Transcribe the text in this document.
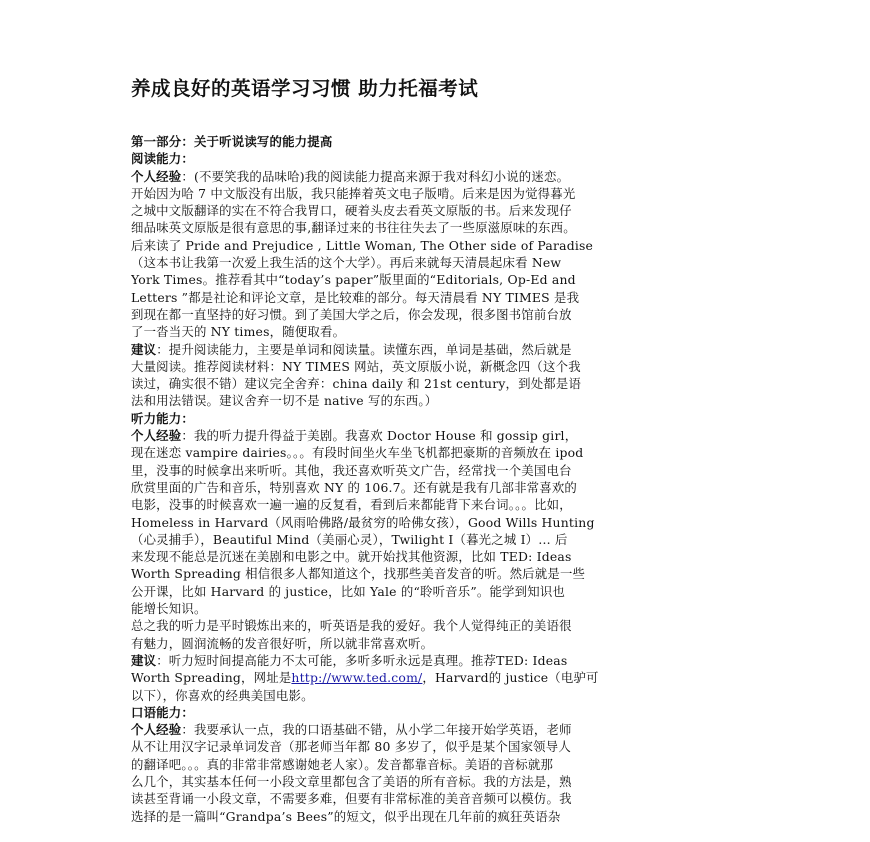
养成良好的英语学习习惯 助力托福考试
第一部分：关于听说读写的能力提高
阅读能力：
个人经验：(不要笑我的品味哈)我的阅读能力提高来源于我对科幻小说的迷恋。
开始因为哈 7 中文版没有出版，我只能捧着英文电子版啃。后来是因为觉得暮光
之城中文版翻译的实在不符合我胃口，硬着头皮去看英文原版的书。后来发现仔
细品味英文原版是很有意思的事,翻译过来的书往往失去了一些原滋原味的东西。
后来读了 Pride and Prejudice , Little Woman, The Other side of Paradise
（这本书让我第一次爱上我生活的这个大学）。再后来就每天清晨起床看 New
York Times。推荐看其中“today’s paper”版里面的“Editorials, Op-Ed and
Letters ”都是社论和评论文章，是比较难的部分。每天清晨看 NY TIMES 是我
到现在都一直坚持的好习惯。到了美国大学之后，你会发现，很多图书馆前台放
了一沓当天的 NY times，随便取看。
建议：提升阅读能力，主要是单词和阅读量。读懂东西，单词是基础，然后就是
大量阅读。推荐阅读材料：NY TIMES 网站，英文原版小说，新概念四（这个我
读过，确实很不错）建议完全舍弃：china daily 和 21st century，到处都是语
法和用法错误。建议舍弃一切不是 native 写的东西。）
听力能力：
个人经验：我的听力提升得益于美剧。我喜欢 Doctor House 和 gossip girl，
现在迷恋 vampire dairies。。。有段时间坐火车坐飞机都把豪斯的音频放在 ipod
里，没事的时候拿出来听听。其他，我还喜欢听英文广告，经常找一个美国电台
欣赏里面的广告和音乐，特别喜欢 NY 的 106.7。还有就是我有几部非常喜欢的
电影，没事的时候喜欢一遍一遍的反复看，看到后来都能背下来台词。。。比如，
Homeless in Harvard（风雨哈佛路/最贫穷的哈佛女孩），Good Wills Hunting
（心灵捕手），Beautiful Mind（美丽心灵），Twilight I（暮光之城 I）… 后
来发现不能总是沉迷在美剧和电影之中。就开始找其他资源，比如 TED: Ideas
Worth Spreading 相信很多人都知道这个，找那些美音发音的听。然后就是一些
公开课，比如 Harvard 的 justice，比如 Yale 的“聆听音乐”。能学到知识也
能增长知识。
总之我的听力是平时锻炼出来的，听英语是我的爱好。我个人觉得纯正的美语很
有魅力，圆润流畅的发音很好听，所以就非常喜欢听。
建议：听力短时间提高能力不太可能，多听多听永远是真理。推荐TED: Ideas
Worth Spreading，网址是http://www.ted.com/，Harvard的 justice（电驴可
以下），你喜欢的经典美国电影。
口语能力：
个人经验：我要承认一点，我的口语基础不错，从小学二年接开始学英语，老师
从不让用汉字记录单词发音（那老师当年都 80 多岁了，似乎是某个国家领导人
的翻译吧。。。真的非常非常感谢她老人家）。发音都靠音标。美语的音标就那
么几个，其实基本任何一小段文章里都包含了美语的所有音标。我的方法是，熟
读甚至背诵一小段文章，不需要多难，但要有非常标准的美音音频可以模仿。我
选择的是一篇叫“Grandpa’s Bees”的短文，似乎出现在几年前的疯狂英语杂
